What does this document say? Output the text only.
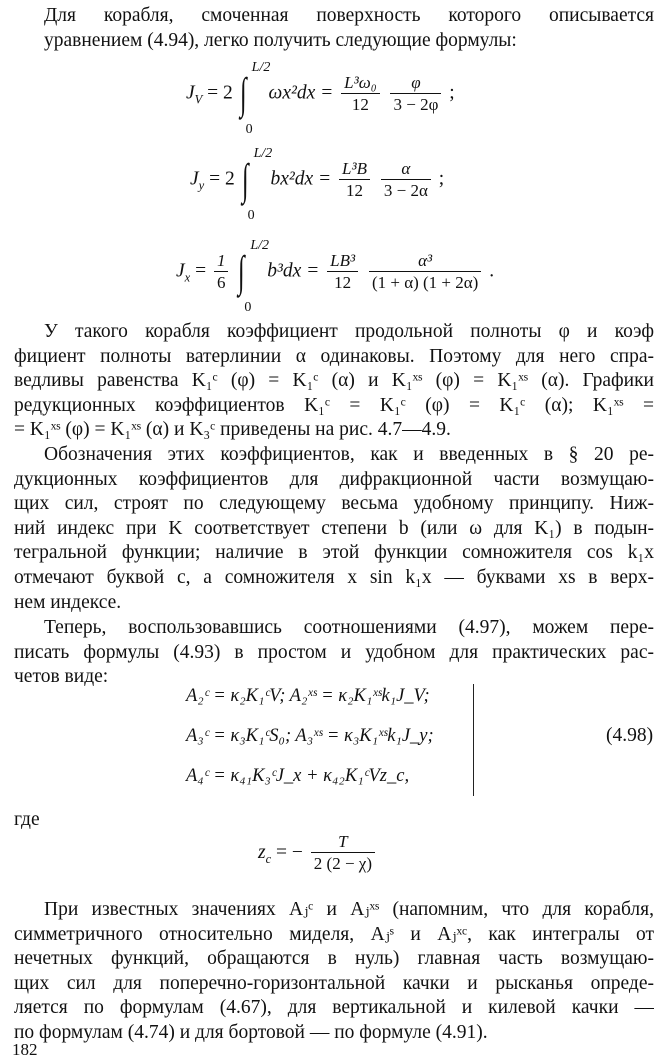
Для корабля, смоченная поверхность которого описывается
уравнением (4.94), легко получить следующие формулы:
$J_V = 2$ ∫
L/2
0
$\omega x^2dx = \frac{\text{L³ω₀}}{12}$
$\frac{\varphi}{3 - 2\varphi}$ ;
$J_y = 2$ ∫
L/2
0
$bx^2dx = \frac{\text{L³B}}{12}$
$\frac{\alpha}{3 - 2\alpha}$ ;
$J_x = \frac{1}{6}$
∫
L/2
0
$b^3dx = \frac{\text{LB³}}{12}$
$\frac{\text{α³}}{(1 + \alpha) (1 + 2\alpha)}$ .
У такого корабля коэффициент продольной полноты φ и коэф
фициент полноты ватерлинии α одинаковы. Поэтому для него спра-
ведливы равенства K₁ᶜ (φ) = K₁ᶜ (α) и K₁ˣˢ (φ) = K₁ˣˢ (α). Графики
редукционных коэффициентов K₁ᶜ = K₁ᶜ (φ) = K₁ᶜ (α); K₁ˣˢ =
= K₁ˣˢ (φ) = K₁ˣˢ (α) и K₃ᶜ приведены на рис. 4.7—4.9.
Обозначения этих коэффициентов, как и введенных в § 20 ре-
дукционных коэффициентов для дифракционной части возмущаю-
щих сил, строят по следующему весьма удобному принципу. Ниж-
ний индекс при K соответствует степени b (или ω для K₁) в подын-
тегральной функции; наличие в этой функции сомножителя cos k₁x
отмечают буквой c, а сомножителя x sin k₁x — буквами xs в верх-
нем индексе.
Теперь, воспользовавшись соотношениями (4.97), можем пере-
писать формулы (4.93) в простом и удобном для практических рас-
четов виде:
A₂ᶜ = κ₂K₁ᶜV; A₂ˣˢ = κ₂K₁ˣˢk₁J_V;
A₃ᶜ = κ₃K₁ᶜS₀; A₃ˣˢ = κ₃K₁ˣˢk₁J_y;
A₄ᶜ = κ₄₁K₃ᶜJ_x + κ₄₂K₁ᶜVz_c,
(4.98)
где
$z_c$ = − $\frac{T}{2 (2 - \chi)}$
При известных значениях Aⱼᶜ и Aⱼˣˢ (напомним, что для корабля,
симметричного относительно миделя, Aⱼˢ и Aⱼˣᶜ, как интегралы от
нечетных функций, обращаются в нуль) главная часть возмущаю-
щих сил для поперечно-горизонтальной качки и рысканья опреде-
ляется по формулам (4.67), для вертикальной и килевой качки —
по формулам (4.74) и для бортовой — по формуле (4.91).
182
